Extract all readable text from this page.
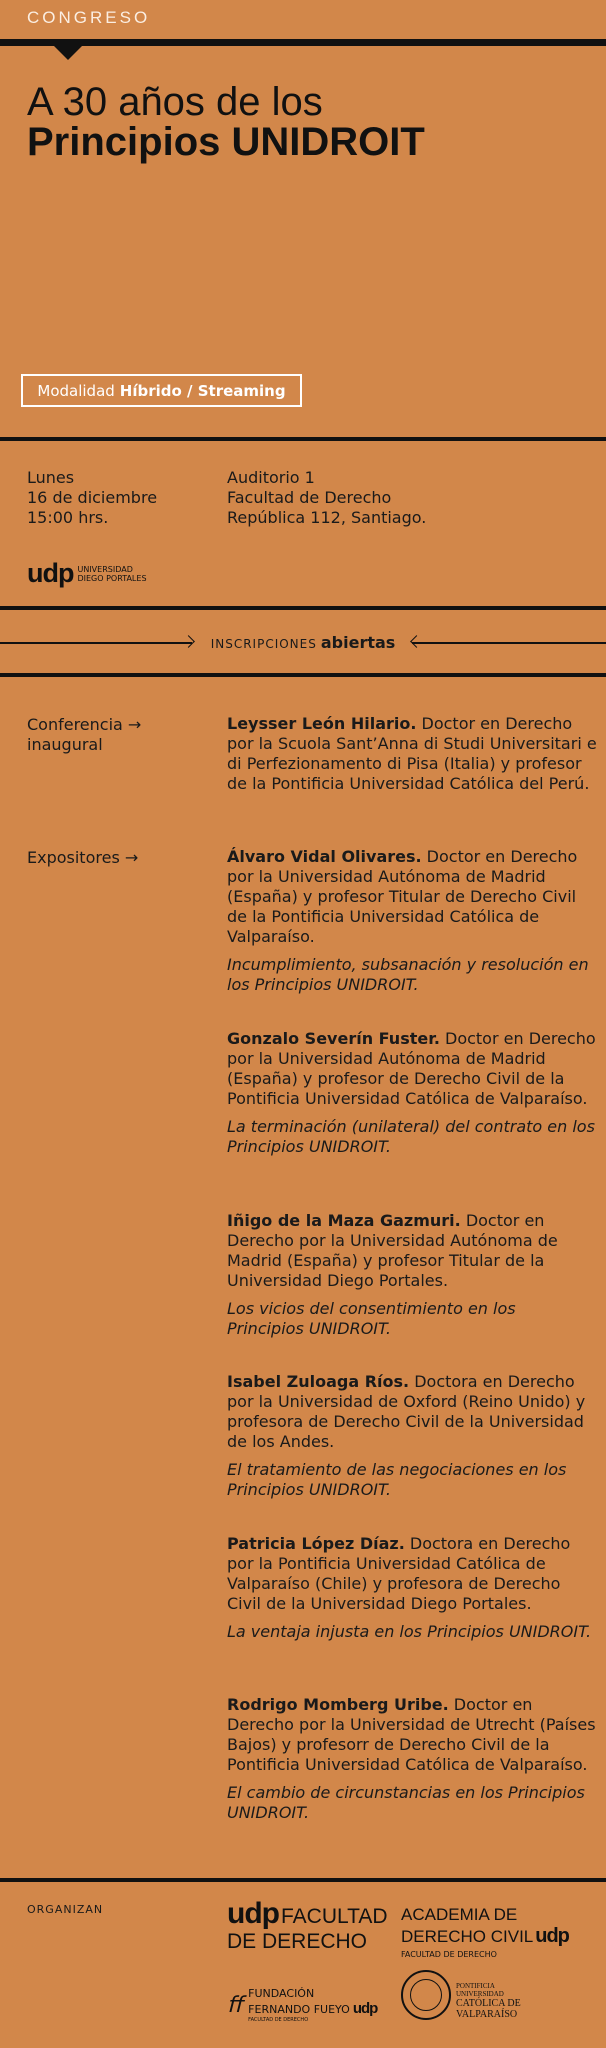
CONGRESO
A 30 años de los
Principios UNIDROIT
Modalidad Híbrido / Streaming
Lunes
16 de diciembre
15:00 hrs.
Auditorio 1
Facultad de Derecho
República 112, Santiago.
udp UNIVERSIDAD
DIEGO PORTALES
INSCRIPCIONES abiertas
Conferencia →
inaugural

Leysser León Hilario. Doctor en Derecho por la Scuola Sant’Anna di Studi Universitari e di Perfezionamento di Pisa (Italia) y profesor de la Pontificia Universidad Católica del Perú.

Expositores →	Álvaro Vidal Olivares. Doctor en Derecho por la Universidad Autónoma de Madrid (España) y profesor Titular de Derecho Civil de la Pontificia Universidad Católica de Valparaíso.

Incumplimiento, subsanación y resolución en los Principios UNIDROIT.

Gonzalo Severín Fuster. Doctor en Derecho por la Universidad Autónoma de Madrid (España) y profesor de Derecho Civil de la Pontificia Universidad Católica de Valparaíso.

La terminación (unilateral) del contrato en los Principios UNIDROIT.

Iñigo de la Maza Gazmuri. Doctor en Derecho por la Universidad Autónoma de Madrid (España) y profesor Titular de la Universidad Diego Portales.

Los vicios del consentimiento en los Principios UNIDROIT.

Isabel Zuloaga Ríos. Doctora en Derecho por la Universidad de Oxford (Reino Unido) y profesora de Derecho Civil de la Universidad de los Andes.

El tratamiento de las negociaciones en los Principios UNIDROIT.

Patricia López Díaz. Doctora en Derecho por la Pontificia Universidad Católica de Valparaíso (Chile) y profesora de Derecho Civil de la Universidad Diego Portales.

La ventaja injusta en los Principios UNIDROIT.

Rodrigo Momberg Uribe. Doctor en Derecho por la Universidad de Utrecht (Países Bajos) y profesorr de Derecho Civil de la Pontificia Universidad Católica de Valparaíso.

El cambio de circunstancias en los Principios UNIDROIT.

ORGANIZAN	udp FACULTAD
DE DERECHO
ACADEMIA DE
DERECHO CIVIL udp
FACULTAD DE DERECHO
ﬀ FUNDACIÓN
FERNANDO FUEYO udp
FACULTAD DE DERECHO
PONTIFICIA
UNIVERSIDAD
CATÓLICA DE
VALPARAÍSO
